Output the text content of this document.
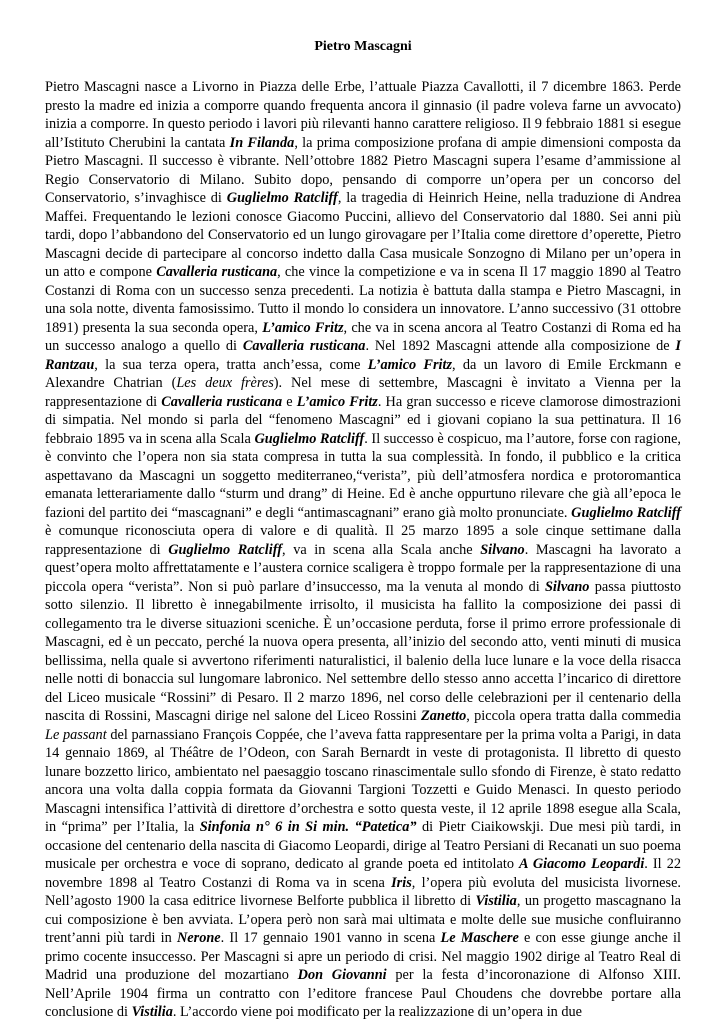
Pietro Mascagni

Pietro Mascagni nasce a Livorno in Piazza delle Erbe, l’attuale Piazza Cavallotti, il 7 dicembre 1863. Perde presto la madre ed inizia a comporre quando frequenta ancora il ginnasio (il padre voleva farne un avvocato) inizia a comporre. In questo periodo i lavori più rilevanti hanno carattere religioso. Il 9 febbraio 1881 si esegue all’Istituto Cherubini la cantata In Filanda, la prima composizione profana di ampie dimensioni composta da Pietro Mascagni. Il successo è vibrante. Nell’ottobre 1882 Pietro Mascagni supera l’esame d’ammissione al Regio Conservatorio di Milano. Subito dopo, pensando di comporre un’opera per un concorso del Conservatorio, s’invaghisce di Guglielmo Ratcliff, la tragedia di Heinrich Heine, nella traduzione di Andrea Maffei. Frequentando le lezioni conosce Giacomo Puccini, allievo del Conservatorio dal 1880. Sei anni più tardi, dopo l’abbandono del Conservatorio ed un lungo girovagare per l’Italia come direttore d’operette, Pietro Mascagni decide di partecipare al concorso indetto dalla Casa musicale Sonzogno di Milano per un’opera in un atto e compone Cavalleria rusticana, che vince la competizione e va in scena Il 17 maggio 1890 al Teatro Costanzi di Roma con un successo senza precedenti. La notizia è battuta dalla stampa e Pietro Mascagni, in una sola notte, diventa famosissimo. Tutto il mondo lo considera un innovatore. L’anno successivo (31 ottobre 1891) presenta la sua seconda opera, L’amico Fritz, che va in scena ancora al Teatro Costanzi di Roma ed ha un successo analogo a quello di Cavalleria rusticana. Nel 1892 Mascagni attende alla composizione de I Rantzau, la sua terza opera, tratta anch’essa, come L’amico Fritz, da un lavoro di Emile Erckmann e Alexandre Chatrian (Les deux frères). Nel mese di settembre, Mascagni è invitato a Vienna per la rappresentazione di Cavalleria rusticana e L’amico Fritz. Ha gran successo e riceve clamorose dimostrazioni di simpatia. Nel mondo si parla del “fenomeno Mascagni” ed i giovani copiano la sua pettinatura. Il 16 febbraio 1895 va in scena alla Scala Guglielmo Ratcliff. Il successo è cospicuo, ma l’autore, forse con ragione, è convinto che l’opera non sia stata compresa in tutta la sua complessità. In fondo, il pubblico e la critica aspettavano da Mascagni un soggetto mediterraneo,“verista”, più dell’atmosfera nordica e protoromantica emanata letterariamente dallo “sturm und drang” di Heine. Ed è anche oppurtuno rilevare che già all’epoca le fazioni del partito dei “mascagnani” e degli “antimascagnani” erano già molto pronunciate. Guglielmo Ratcliff è comunque riconosciuta opera di valore e di qualità. Il 25 marzo 1895 a sole cinque settimane dalla rappresentazione di Guglielmo Ratcliff, va in scena alla Scala anche Silvano. Mascagni ha lavorato a quest’opera molto affrettatamente e l’austera cornice scaligera è troppo formale per la rappresentazione di una piccola opera “verista”. Non si può parlare d’insuccesso, ma la venuta al mondo di Silvano passa piuttosto sotto silenzio. Il libretto è innegabilmente irrisolto, il musicista ha fallito la composizione dei passi di collegamento tra le diverse situazioni sceniche. È un’occasione perduta, forse il primo errore professionale di Mascagni, ed è un peccato, perché la nuova opera presenta, all’inizio del secondo atto, venti minuti di musica bellissima, nella quale si avvertono riferimenti naturalistici, il balenio della luce lunare e la voce della risacca nelle notti di bonaccia sul lungomare labronico. Nel settembre dello stesso anno accetta l’incarico di direttore del Liceo musicale “Rossini” di Pesaro. Il 2 marzo 1896, nel corso delle celebrazioni per il centenario della nascita di Rossini, Mascagni dirige nel salone del Liceo Rossini Zanetto, piccola opera tratta dalla commedia Le passant del parnassiano François Coppée, che l’aveva fatta rappresentare per la prima volta a Parigi, in data 14 gennaio 1869, al Théâtre de l’Odeon, con Sarah Bernardt in veste di protagonista. Il libretto di questo lunare bozzetto lirico, ambientato nel paesaggio toscano rinascimentale sullo sfondo di Firenze, è stato redatto ancora una volta dalla coppia formata da Giovanni Targioni Tozzetti e Guido Menasci. In questo periodo Mascagni intensifica l’attività di direttore d’orchestra e sotto questa veste, il 12 aprile 1898 esegue alla Scala, in “prima” per l’Italia, la Sinfonia n° 6 in Si min. “Patetica” di Pietr Ciaikowskji. Due mesi più tardi, in occasione del centenario della nascita di Giacomo Leopardi, dirige al Teatro Persiani di Recanati un suo poema musicale per orchestra e voce di soprano, dedicato al grande poeta ed intitolato A Giacomo Leopardi. Il 22 novembre 1898 al Teatro Costanzi di Roma va in scena Iris, l’opera più evoluta del musicista livornese. Nell’agosto 1900 la casa editrice livornese Belforte pubblica il libretto di Vistilia, un progetto mascagnano la cui composizione è ben avviata. L’opera però non sarà mai ultimata e molte delle sue musiche confluiranno trent’anni più tardi in Nerone. Il 17 gennaio 1901 vanno in scena Le Maschere e con esse giunge anche il primo cocente insuccesso. Per Mascagni si apre un periodo di crisi. Nel maggio 1902 dirige al Teatro Real di Madrid una produzione del mozartiano Don Giovanni per la festa d’incoronazione di Alfonso XIII. Nell’Aprile 1904 firma un contratto con l’editore francese Paul Choudens che dovrebbe portare alla conclusione di Vistilia. L’accordo viene poi modificato per la realizzazione di un’opera in due
